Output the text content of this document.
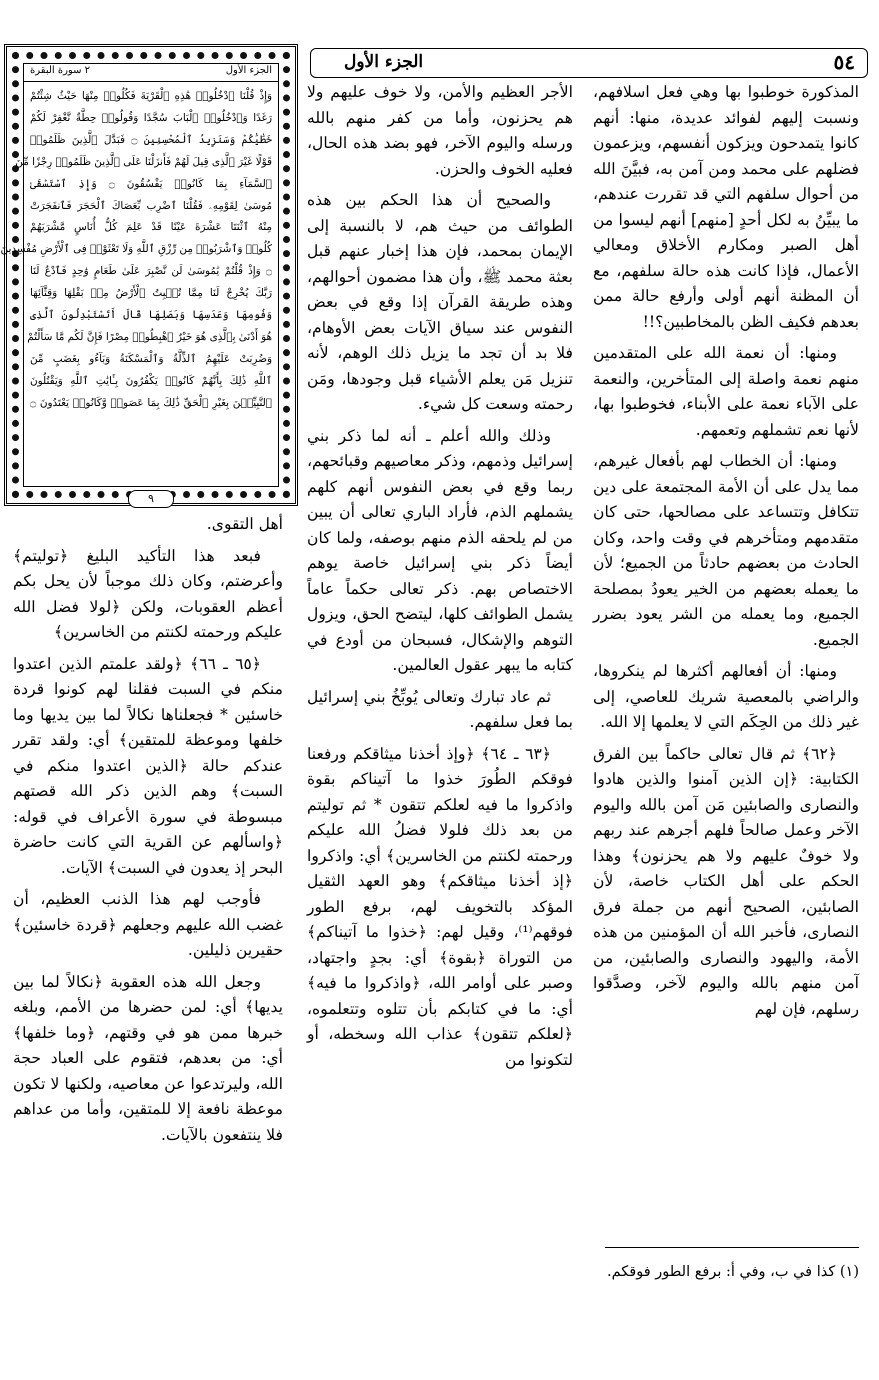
٥٤
الجزء الأول
الجزء الأول
٢ سورة البقرة
وَإِذْ قُلْنَا ٱدْخُلُوا۟ هَٰذِهِ ٱلْقَرْيَةَ فَكُلُوا۟ مِنْهَا حَيْثُ شِئْتُمْ
رَغَدًا وَٱدْخُلُوا۟ ٱلْبَابَ سُجَّدًا وَقُولُوا۟ حِطَّةٌ نَّغْفِرْ لَكُمْ
خَطَٰيَٰكُمْ وَسَنَزِيدُ ٱلْمُحْسِنِينَ ۝ فَبَدَّلَ ٱلَّذِينَ ظَلَمُوا۟
قَوْلًا غَيْرَ ٱلَّذِى قِيلَ لَهُمْ فَأَنزَلْنَا عَلَى ٱلَّذِينَ ظَلَمُوا۟ رِجْزًا مِّنَ
ٱلسَّمَآءِ بِمَا كَانُوا۟ يَفْسُقُونَ ۝ وَإِذِ ٱسْتَسْقَىٰ
مُوسَىٰ لِقَوْمِهِۦ فَقُلْنَا ٱضْرِب بِّعَصَاكَ ٱلْحَجَرَ فَٱنفَجَرَتْ
مِنْهُ ٱثْنَتَا عَشْرَةَ عَيْنًا قَدْ عَلِمَ كُلُّ أُنَاسٍ مَّشْرَبَهُمْ
كُلُوا۟ وَٱشْرَبُوا۟ مِن رِّزْقِ ٱللَّهِ وَلَا تَعْثَوْا۟ فِى ٱلْأَرْضِ مُفْسِدِينَ
۝ وَإِذْ قُلْتُمْ يَٰمُوسَىٰ لَن نَّصْبِرَ عَلَىٰ طَعَامٍ وَٰحِدٍ فَٱدْعُ لَنَا
رَبَّكَ يُخْرِجْ لَنَا مِمَّا تُنۢبِتُ ٱلْأَرْضُ مِنۢ بَقْلِهَا وَقِثَّآئِهَا
وَفُومِهَا وَعَدَسِهَا وَبَصَلِهَا قَالَ أَتَسْتَبْدِلُونَ ٱلَّذِى
هُوَ أَدْنَىٰ بِٱلَّذِى هُوَ خَيْرٌ ٱهْبِطُوا۟ مِصْرًا فَإِنَّ لَكُم مَّا سَأَلْتُمْ
وَضُرِبَتْ عَلَيْهِمُ ٱلذِّلَّةُ وَٱلْمَسْكَنَةُ وَبَآءُو بِغَضَبٍ مِّنَ
ٱللَّهِ ذَٰلِكَ بِأَنَّهُمْ كَانُوا۟ يَكْفُرُونَ بِـَٔايَٰتِ ٱللَّهِ وَيَقْتُلُونَ
ٱلنَّبِيِّـۧنَ بِغَيْرِ ٱلْحَقِّ ذَٰلِكَ بِمَا عَصَوا۟ وَّكَانُوا۟ يَعْتَدُونَ ۝
٩

المذكورة خوطبوا بها وهي فعل اسلافهم، ونسبت إليهم لفوائد عديدة، منها: أنهم كانوا يتمدحون ويزكون أنفسهم، ويزعمون فضلهم على محمد ومن آمن به، فبيَّنَ الله من أحوال سلفهم التي قد تقررت عندهم، ما يبيِّنُ به لكل أحدٍ [منهم] أنهم ليسوا من أهل الصبر ومكارم الأخلاق ومعالي الأعمال، فإذا كانت هذه حالة سلفهم، مع أن المظنة أنهم أولى وأرفع حالة ممن بعدهم فكيف الظن بالمخاطبين؟!!

ومنها: أن نعمة الله على المتقدمين منهم نعمة واصلة إلى المتأخرين، والنعمة على الآباء نعمة على الأبناء، فخوطبوا بها، لأنها نعم تشملهم وتعمهم.

ومنها: أن الخطاب لهم بأفعال غيرهم، مما يدل على أن الأمة المجتمعة على دين تتكافل وتتساعد على مصالحها، حتى كان متقدمهم ومتأخرهم في وقت واحد، وكان الحادث من بعضهم حادثاً من الجميع؛ لأن ما يعمله بعضهم من الخير يعودُ بمصلحة الجميع، وما يعمله من الشر يعود بضرر الجميع.

ومنها: أن أفعالهم أكثرها لم ينكروها، والراضي بالمعصية شريك للعاصي، إلى غير ذلك من الحِكَم التي لا يعلمها إلا الله.

﴿٦٢﴾ ثم قال تعالى حاكماً بين الفرق الكتابية: ﴿إن الذين آمنوا والذين هادوا والنصارى والصابئين مَن آمن بالله واليوم الآخر وعمل صالحاً فلهم أجرهم عند ربهم ولا خوفٌ عليهم ولا هم يحزنون﴾ وهذا الحكم على أهل الكتاب خاصة، لأن الصابئين، الصحيح أنهم من جملة فرق النصارى، فأخبر الله أن المؤمنين من هذه الأمة، واليهود والنصارى والصابئين، من آمن منهم بالله واليوم لآخر، وصدَّقوا رسلهم، فإن لهم

الأجر العظيم والأمن، ولا خوف عليهم ولا هم يحزنون، وأما من كفر منهم بالله ورسله واليوم الآخر، فهو بضد هذه الحال، فعليه الخوف والحزن.

والصحيح أن هذا الحكم بين هذه الطوائف من حيث هم، لا بالنسبة إلى الإيمان بمحمد، فإن هذا إخبار عنهم قبل بعثة محمد ﷺ، وأن هذا مضمون أحوالهم، وهذه طريقة القرآن إذا وقع في بعض النفوس عند سياق الآيات بعض الأوهام، فلا بد أن تجد ما يزيل ذلك الوهم، لأنه تنزيل مَن يعلم الأشياء قبل وجودها، ومَن رحمته وسعت كل شيء.

وذلك والله أعلم ـ أنه لما ذكر بني إسرائيل وذمهم، وذكر معاصيهم وقبائحهم، ربما وقع في بعض النفوس أنهم كلهم يشملهم الذم، فأراد الباري تعالى أن يبين من لم يلحقه الذم منهم بوصفه، ولما كان أيضاً ذكر بني إسرائيل خاصة يوهم الاختصاص بهم. ذكر تعالى حكماً عاماً يشمل الطوائف كلها، ليتضح الحق، ويزول التوهم والإشكال، فسبحان من أودع في كتابه ما يبهر عقول العالمين.

ثم عاد تبارك وتعالى يُوبِّخُ بني إسرائيل بما فعل سلفهم.

﴿٦٣ ـ ٦٤﴾ ﴿وإذ أخذنا ميثاقكم ورفعنا فوقكم الطُورَ خذوا ما آتيناكم بقوة واذكروا ما فيه لعلكم تتقون * ثم توليتم من بعد ذلك فلولا فضلُ الله عليكم ورحمته لكنتم من الخاسرين﴾ أي: واذكروا ﴿إذ أخذنا ميثاقكم﴾ وهو العهد الثقيل المؤكد بالتخويف لهم، برفع الطور فوقهم⁽¹⁾، وقيل لهم: ﴿خذوا ما آتيناكم﴾ من التوراة ﴿بقوة﴾ أي: بجدٍ واجتهاد، وصبر على أوامر الله، ﴿واذكروا ما فيه﴾ أي: ما في كتابكم بأن تتلوه وتتعلموه، ﴿لعلكم تتقون﴾ عذاب الله وسخطه، أو لتكونوا من

أهل التقوى.

فبعد هذا التأكيد البليغ ﴿توليتم﴾ وأعرضتم، وكان ذلك موجباً لأن يحل بكم أعظم العقوبات، ولكن ﴿لولا فضل الله عليكم ورحمته لكنتم من الخاسرين﴾

﴿٦٥ ـ ٦٦﴾ ﴿ولقد علمتم الذين اعتدوا منكم في السبت فقلنا لهم كونوا قردة خاسئين * فجعلناها نكالاً لما بين يديها وما خلفها وموعظة للمتقين﴾ أي: ولقد تقرر عندكم حالة ﴿الذين اعتدوا منكم في السبت﴾ وهم الذين ذكر الله قصتهم مبسوطة في سورة الأعراف في قوله: ﴿واسألهم عن القرية التي كانت حاضرة البحر إذ يعدون في السبت﴾ الآيات.

فأوجب لهم هذا الذنب العظيم، أن غضب الله عليهم وجعلهم ﴿قردة خاسئين﴾ حقيرين ذليلين.

وجعل الله هذه العقوبة ﴿نكالاً لما بين يديها﴾ أي: لمن حضرها من الأمم، وبلغه خبرها ممن هو في وقتهم، ﴿وما خلفها﴾ أي: من بعدهم، فتقوم على العباد حجة الله، وليرتدعوا عن معاصيه، ولكنها لا تكون موعظة نافعة إلا للمتقين، وأما من عداهم فلا ينتفعون بالآيات.

(١) كذا في ب، وفي أ: برفع الطور فوقكم.
